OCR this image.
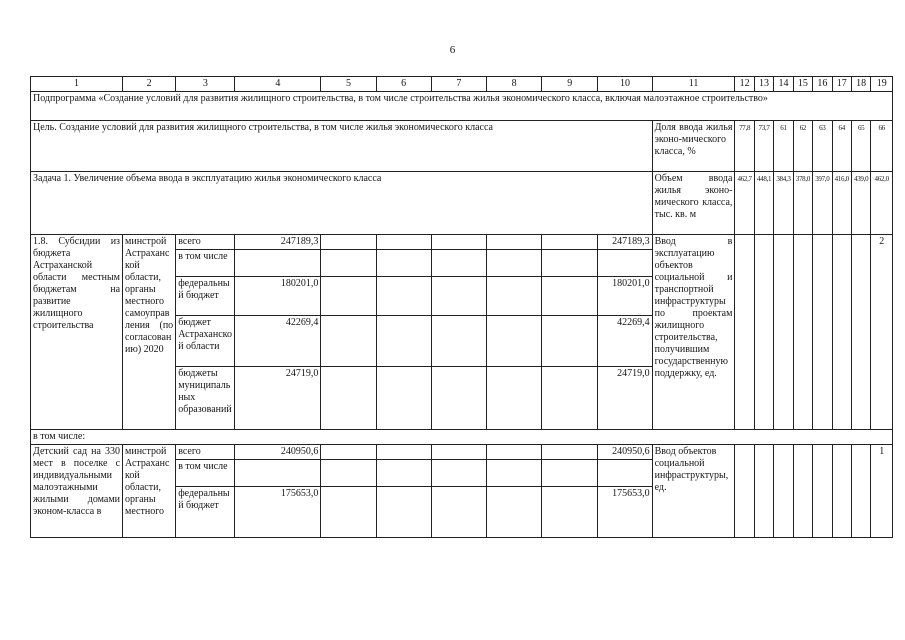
6
1	2	3	4	5	6	7	8	9	10	11	12	13	14	15	16	17	18	19
Подпрограмма «Создание условий для развития жилищного строительства, в том числе строительства жилья экономического класса, включая малоэтажное строительство»																		
Цель. Создание условий для развития жилищного строительства, в том числе жилья экономического класса										Доля ввода жилья эконо-мического класса, %	77,8	73,7	61	62	63	64	65	66
Задача 1. Увеличение объема ввода в эксплуатацию жилья экономического класса										Объем ввода жилья эконо-мического класса, тыс. кв. м	462,7	448,1	384,3	378,0	397,0	416,0	439,0	462,0
1.8. Субсидии из бюджета Астраханской области местным бюджетам на развитие жилищного строительства	минстрой Астраханской области, органы местного самоуправления (по согласованию) 2020	всего	247189,3						247189,3	Ввод в эксплуатацию объектов социальной и транспортной инфраструктуры по проектам жилищного строительства, получившим государственную поддержку, ед.								2
		в том числе																
		федеральный бюджет	180201,0						180201,0									
		бюджет Астраханской области	42269,4						42269,4									
		бюджеты муниципальных образований	24719,0						24719,0									
в том числе:																		
Детский сад на 330 мест в поселке с индивидуальными малоэтажными жилыми домами эконом-класса в	минстрой Астраханской области, органы местного	всего	240950,6						240950,6	Ввод объектов социальной инфраструктуры, ед.								1
		в том числе																
		федеральный бюджет	175653,0						175653,0									
